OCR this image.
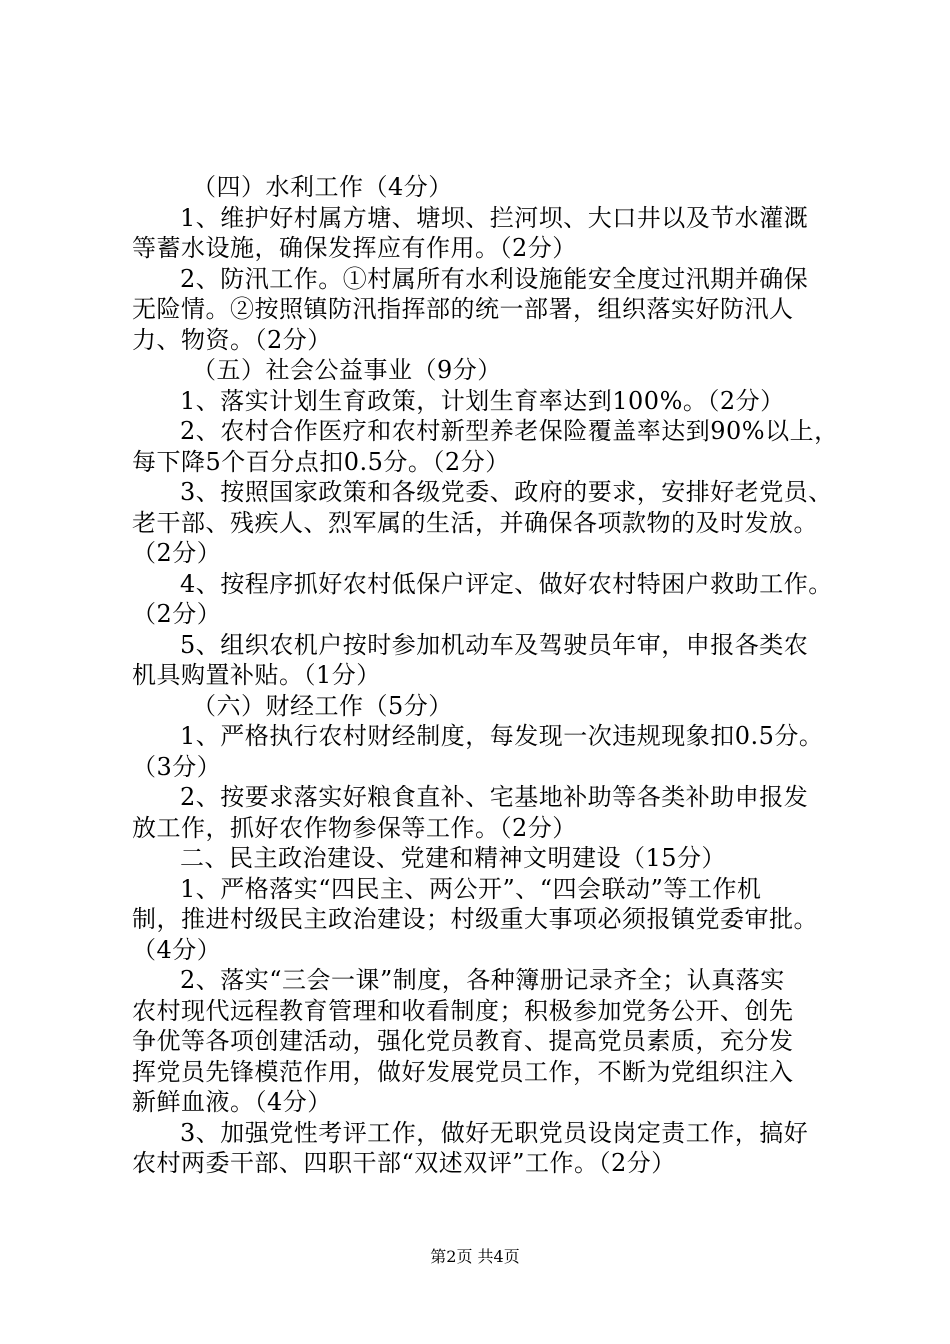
（四）水利工作（4分）
1、维护好村属方塘、塘坝、拦河坝、大口井以及节水灌溉
等蓄水设施，确保发挥应有作用。（2分）
2、防汛工作。①村属所有水利设施能安全度过汛期并确保
无险情。②按照镇防汛指挥部的统一部署，组织落实好防汛人
力、物资。（2分）
（五）社会公益事业（9分）
1、落实计划生育政策，计划生育率达到100%。（2分）
2、农村合作医疗和农村新型养老保险覆盖率达到90%以上，
每下降5个百分点扣0.5分。（2分）
3、按照国家政策和各级党委、政府的要求，安排好老党员、
老干部、残疾人、烈军属的生活，并确保各项款物的及时发放。
（2分）
4、按程序抓好农村低保户评定、做好农村特困户救助工作。
（2分）
5、组织农机户按时参加机动车及驾驶员年审，申报各类农
机具购置补贴。（1分）
（六）财经工作（5分）
1、严格执行农村财经制度，每发现一次违规现象扣0.5分。
（3分）
2、按要求落实好粮食直补、宅基地补助等各类补助申报发
放工作，抓好农作物参保等工作。（2分）
二、民主政治建设、党建和精神文明建设（15分）
1、严格落实“四民主、两公开”、“四会联动”等工作机
制，推进村级民主政治建设；村级重大事项必须报镇党委审批。
（4分）
2、落实“三会一课”制度，各种簿册记录齐全；认真落实
农村现代远程教育管理和收看制度；积极参加党务公开、创先
争优等各项创建活动，强化党员教育、提高党员素质，充分发
挥党员先锋模范作用，做好发展党员工作，不断为党组织注入
新鲜血液。（4分）
3、加强党性考评工作，做好无职党员设岗定责工作，搞好
农村两委干部、四职干部“双述双评”工作。（2分）
第2页 共4页
